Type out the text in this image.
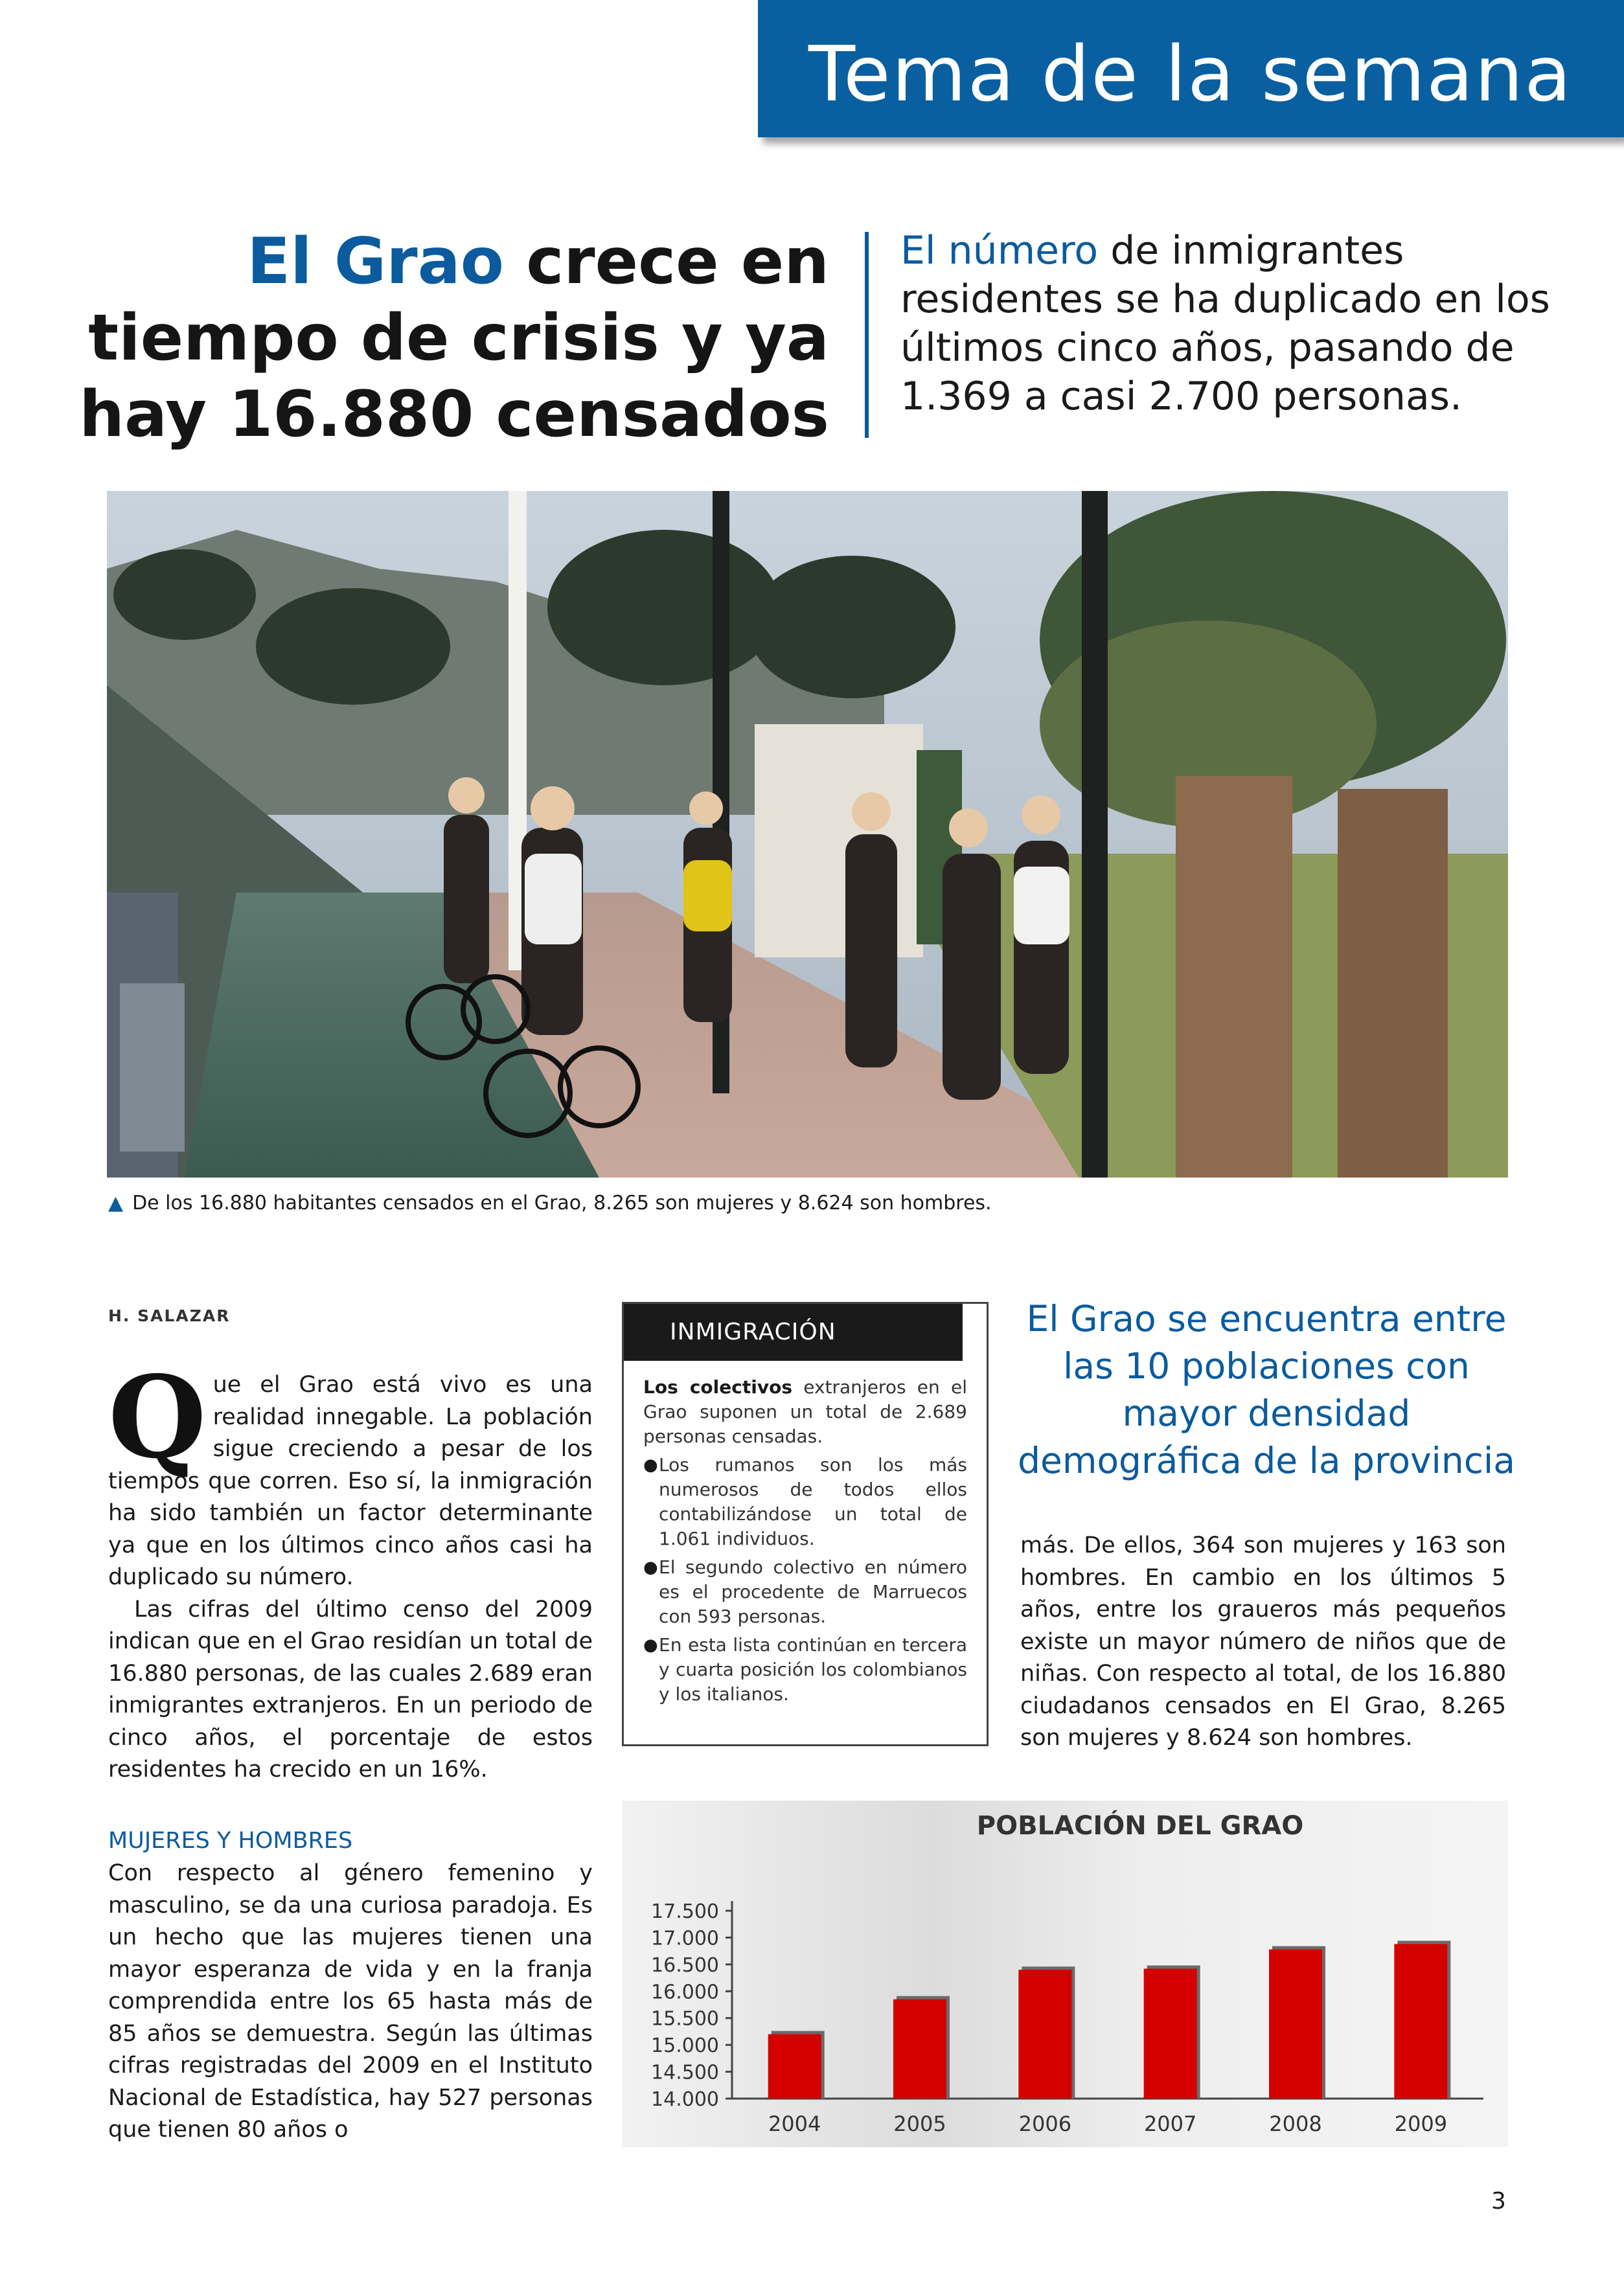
Tema de la semana
El Grao crece en tiempo de crisis y ya hay 16.880 censados
El número de inmigrantes residentes se ha duplicado en los últimos cinco años, pasando de 1.369 a casi 2.700 personas.
▲ De los 16.880 habitantes censados en el Grao, 8.265 son mujeres y 8.624 son hombres.
H. SALAZAR

Que el Grao está vivo es una realidad innegable. La población sigue creciendo a pesar de los tiempos que corren. Eso sí, la inmigración ha sido también un factor determinante ya que en los últimos cinco años casi ha duplicado su número.

Las cifras del último censo del 2009 indican que en el Grao residían un total de 16.880 personas, de las cuales 2.689 eran inmigrantes extranjeros. En un periodo de cinco años, el porcentaje de estos residentes ha crecido en un 16%.

MUJERES Y HOMBRES

Con respecto al género femenino y masculino, se da una curiosa paradoja. Es un hecho que las mujeres tienen una mayor esperanza de vida y en la franja comprendida entre los 65 hasta más de 85 años se demuestra. Según las últimas cifras registradas del 2009 en el Instituto Nacional de Estadística, hay 527 personas que tienen 80 años o

INMIGRACIÓN

Los colectivos extranjeros en el Grao suponen un total de 2.689 personas censadas.

● Los rumanos son los más numerosos de todos ellos contabilizándose un total de 1.061 individuos.
● El segundo colectivo en número es el procedente de Marruecos con 593 personas.
● En esta lista continúan en tercera y cuarta posición los colombianos y los italianos.
El Grao se encuentra entre las 10 poblaciones con mayor densidad demográfica de la provincia

más. De ellos, 364 son mujeres y 163 son hombres. En cambio en los últimos 5 años, entre los graueros más pequeños existe un mayor número de niños que de niñas. Con respecto al total, de los 16.880 ciudadanos censados en El Grao, 8.265 son mujeres y 8.624 son hombres.

POBLACIÓN DEL GRAO
17.500
17.000
16.500
16.000
15.500
15.000
14.500
14.000
2004	2005	2006	2007	2008	2009
3
